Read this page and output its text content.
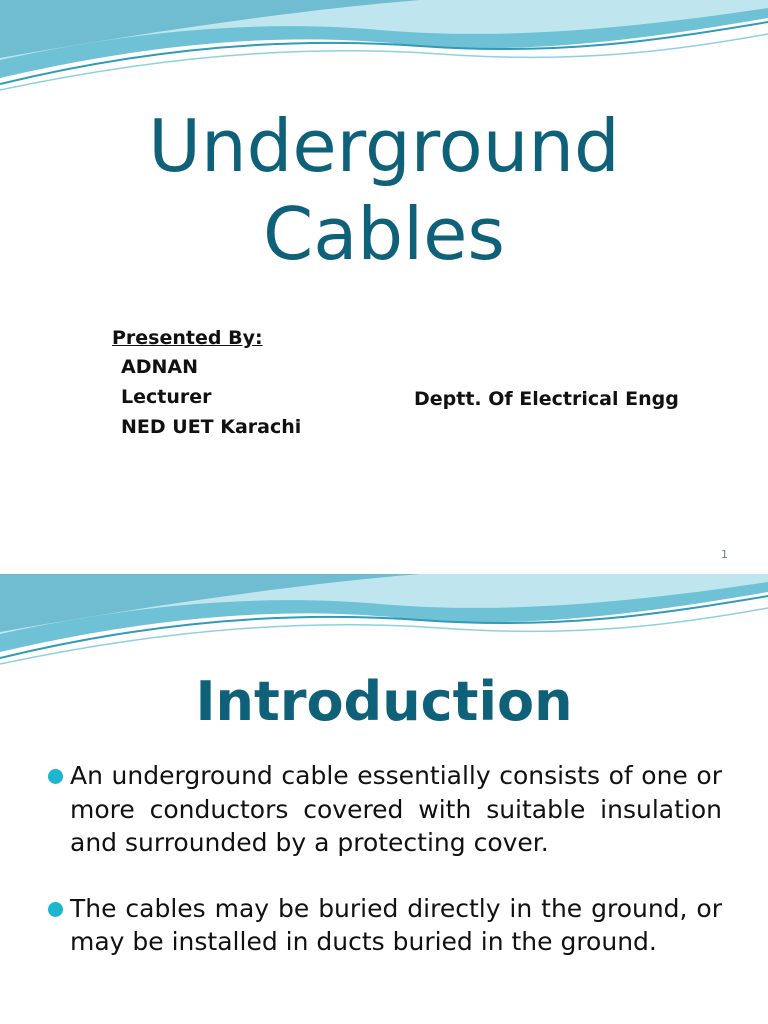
Underground
Cables
Presented By:
ADNAN
Lecturer
NED UET Karachi
Deptt. Of Electrical Engg
1
Introduction
An underground cable essentially consists of one or more conductors covered with suitable insulation and surrounded by a protecting cover.
The cables may be buried directly in the ground, or may be installed in ducts buried in the ground.
